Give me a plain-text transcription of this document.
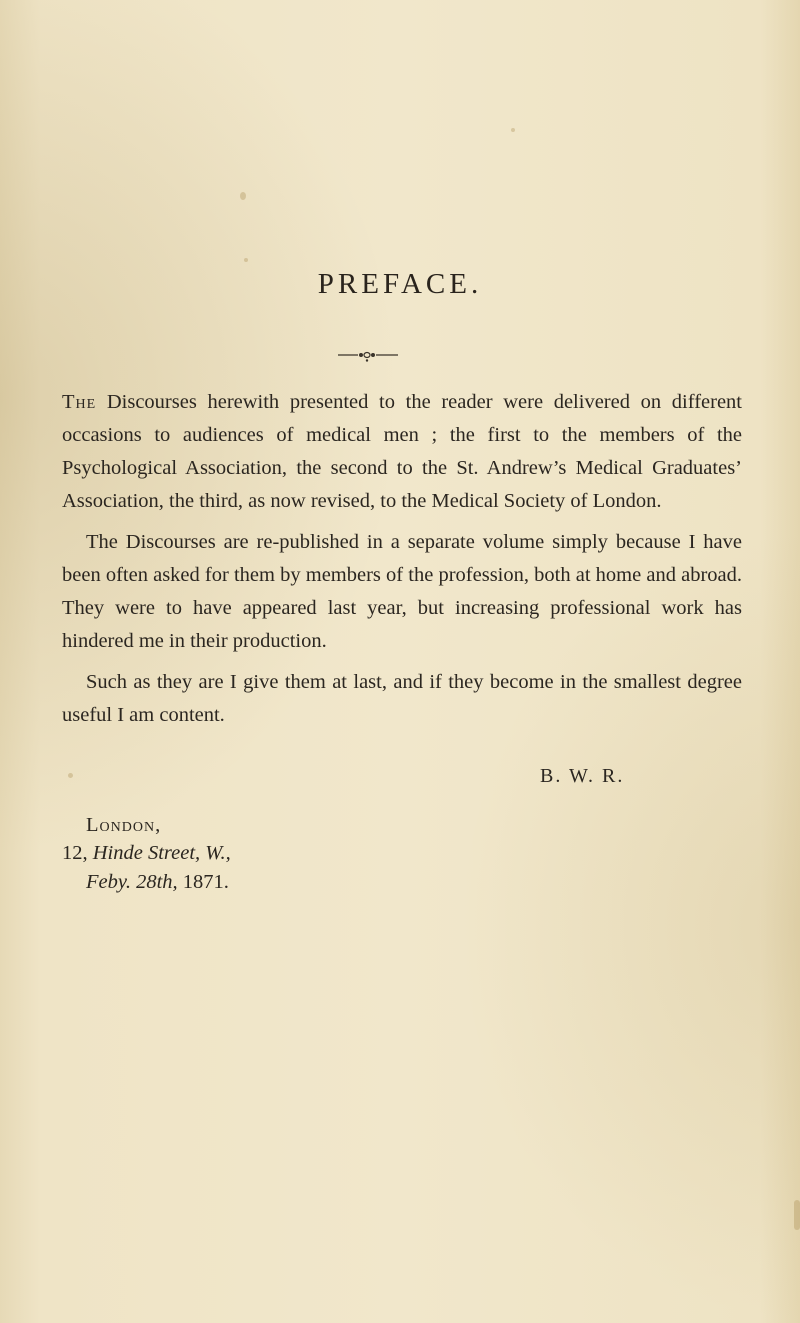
PREFACE.

The Discourses herewith presented to the reader were delivered on different occasions to audiences of medical men ; the first to the members of the Psychological Association, the second to the St. Andrew’s Medical Graduates’ Association, the third, as now revised, to the Medical Society of London.

The Discourses are re-published in a separate volume simply because I have been often asked for them by members of the profession, both at home and abroad. They were to have appeared last year, but increasing professional work has hindered me in their production.

Such as they are I give them at last, and if they become in the smallest degree useful I am content.

B. W. R.
London,
12, Hinde Street, W.,
Feby. 28th, 1871.
